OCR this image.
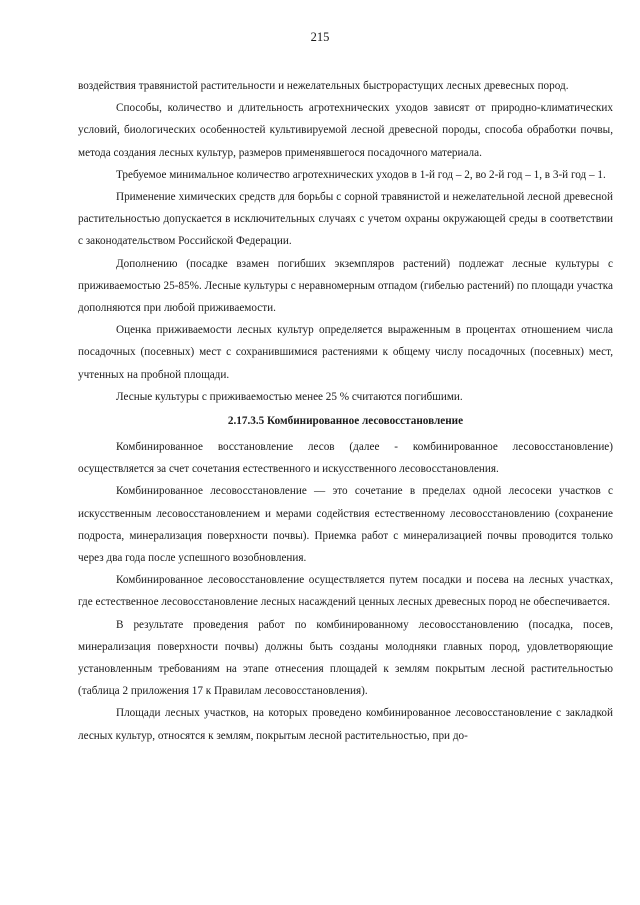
215

воздействия травянистой растительности и нежелательных быстрорастущих лесных древесных пород.

Способы, количество и длительность агротехнических уходов зависят от природно-климатических условий, биологических особенностей культивируемой лесной древесной породы, способа обработки почвы, метода создания лесных культур, размеров применявшегося посадочного материала.

Требуемое минимальное количество агротехнических уходов в 1-й год – 2, во 2-й год – 1, в 3-й год – 1.

Применение химических средств для борьбы с сорной травянистой и нежелательной лесной древесной растительностью допускается в исключительных случаях с учетом охраны окружающей среды в соответствии с законодательством Российской Федерации.

Дополнению (посадке взамен погибших экземпляров растений) подлежат лесные культуры с приживаемостью 25-85%. Лесные культуры с неравномерным отпадом (гибелью растений) по площади участка дополняются при любой приживаемости.

Оценка приживаемости лесных культур определяется выраженным в процентах отношением числа посадочных (посевных) мест с сохранившимися растениями к общему числу посадочных (посевных) мест, учтенных на пробной площади.

Лесные культуры с приживаемостью менее 25 % считаются погибшими.

2.17.3.5 Комбинированное лесовосстановление

Комбинированное восстановление лесов (далее - комбинированное лесовосстановление) осуществляется за счет сочетания естественного и искусственного лесовосстановления.

Комбинированное лесовосстановление — это сочетание в пределах одной лесосеки участков с искусственным лесовосстановлением и мерами содействия естественному лесовосстановлению (сохранение подроста, минерализация поверхности почвы). Приемка работ с минерализацией почвы проводится только через два года после успешного возобновления.

Комбинированное лесовосстановление осуществляется путем посадки и посева на лесных участках, где естественное лесовосстановление лесных насаждений ценных лесных древесных пород не обеспечивается.

В результате проведения работ по комбинированному лесовосстановлению (посадка, посев, минерализация поверхности почвы) должны быть созданы молодняки главных пород, удовлетворяющие установленным требованиям на этапе отнесения площадей к землям покрытым лесной растительностью (таблица 2 приложения 17 к Правилам лесовосстановления).

Площади лесных участков, на которых проведено комбинированное лесовосстановление с закладкой лесных культур, относятся к землям, покрытым лесной растительностью, при до-
